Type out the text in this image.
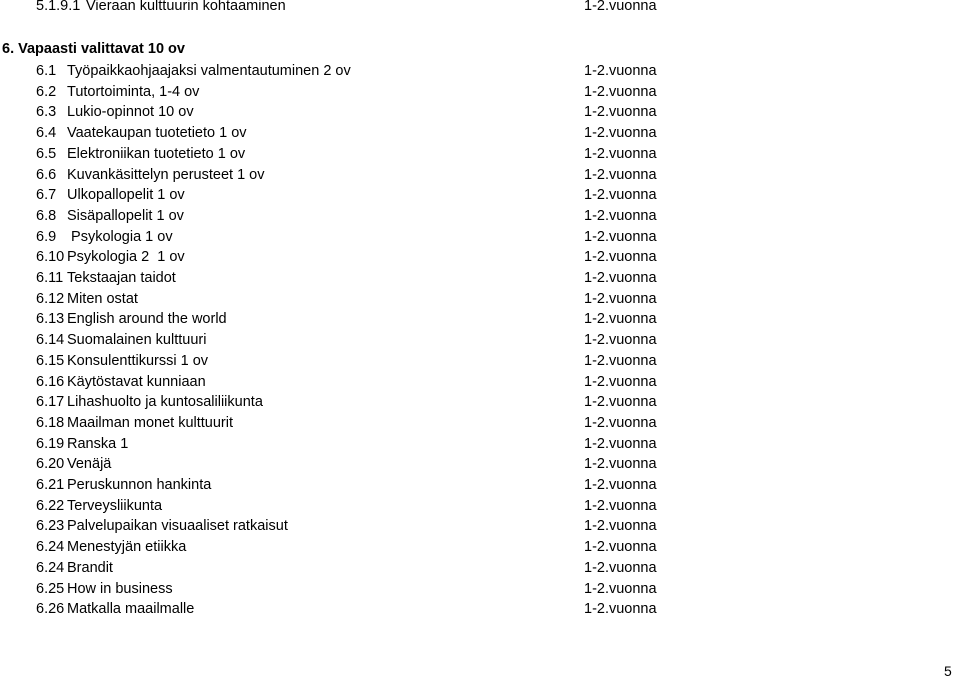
5.1.9.1 Vieraan kulttuurin kohtaaminen	1-2.vuonna
6. Vapaasti valittavat 10 ov
6.1 Työpaikkaohjaajaksi valmentautuminen 2 ov	1-2.vuonna
6.2 Tutortoiminta, 1-4 ov	1-2.vuonna
6.3 Lukio-opinnot 10 ov	1-2.vuonna
6.4 Vaatekaupan tuotetieto 1 ov	1-2.vuonna
6.5 Elektroniikan tuotetieto 1 ov	1-2.vuonna
6.6 Kuvankäsittelyn perusteet 1 ov	1-2.vuonna
6.7 Ulkopallopelit 1 ov	1-2.vuonna
6.8 Sisäpallopelit 1 ov	1-2.vuonna
6.9 Psykologia 1 ov	1-2.vuonna
6.10 Psykologia 2  1 ov	1-2.vuonna
6.11 Tekstaajan taidot	1-2.vuonna
6.12 Miten ostat	1-2.vuonna
6.13 English around the world	1-2.vuonna
6.14 Suomalainen kulttuuri	1-2.vuonna
6.15 Konsulenttikurssi 1 ov	1-2.vuonna
6.16 Käytöstavat kunniaan	1-2.vuonna
6.17 Lihashuolto ja kuntosaliliikunta	1-2.vuonna
6.18 Maailman monet kulttuurit	1-2.vuonna
6.19 Ranska 1	1-2.vuonna
6.20 Venäjä	1-2.vuonna
6.21 Peruskunnon hankinta	1-2.vuonna
6.22 Terveysliikunta	1-2.vuonna
6.23 Palvelupaikan visuaaliset ratkaisut	1-2.vuonna
6.24 Menestyjän etiikka	1-2.vuonna
6.24 Brandit	1-2.vuonna
6.25 How in business	1-2.vuonna
6.26 Matkalla maailmalle	1-2.vuonna
5
